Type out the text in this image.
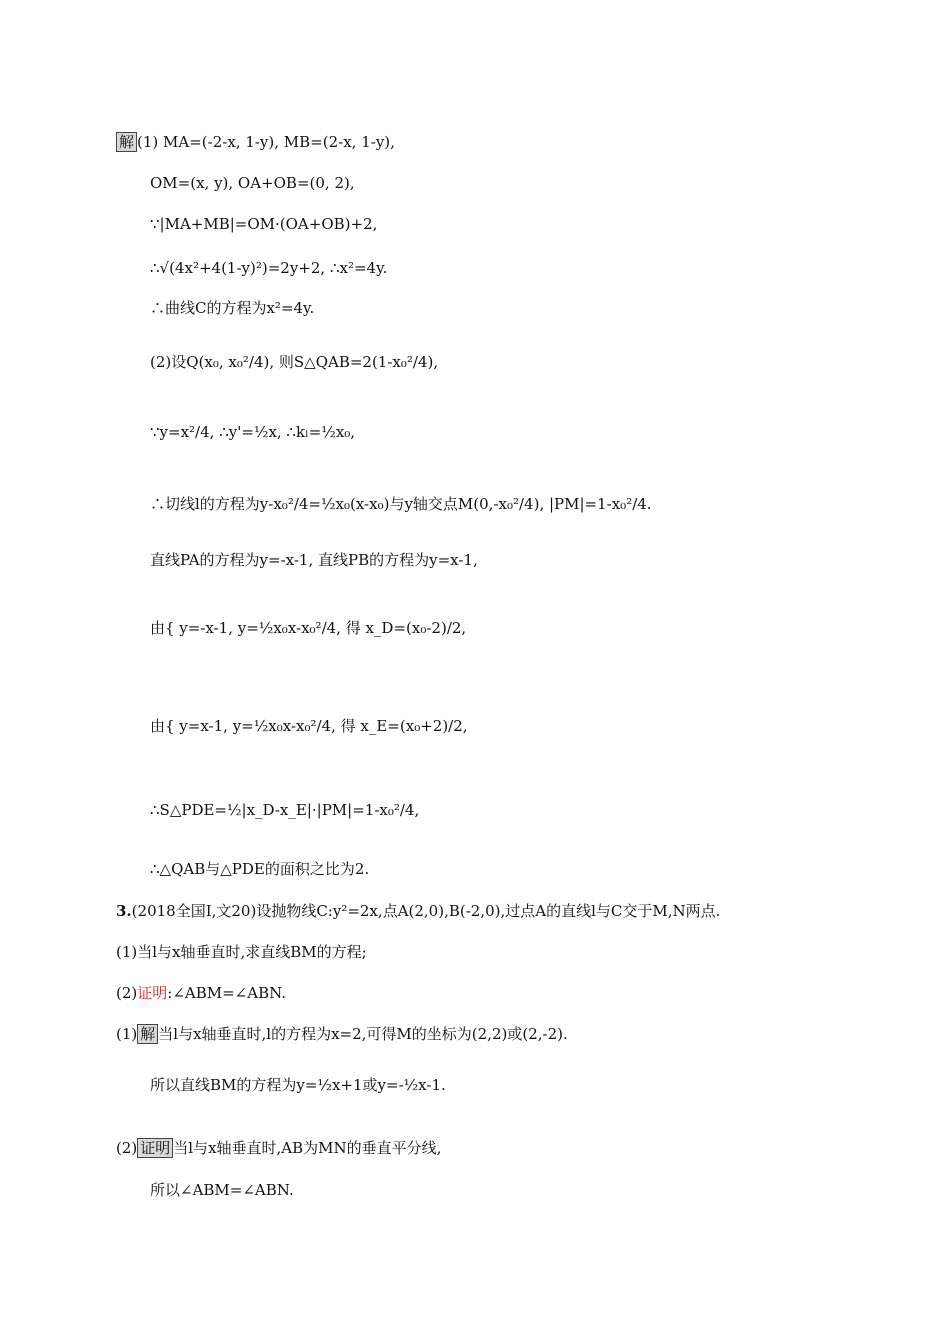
解 (1) MA=(-2-x, 1-y), MB=(2-x, 1-y),
OM=(x, y), OA+OB=(0, 2),
∵|MA+MB|=OM·(OA+OB)+2,
∴√(4x²+4(1-y)²)=2y+2, ∴x²=4y.
∴曲线C的方程为x²=4y.
(2)设Q(x₀, x₀²/4), 则S△QAB=2(1-x₀²/4),
∵y=x²/4, ∴y'=½x, ∴kₗ=½x₀,
∴切线l的方程为y-x₀²/4=½x₀(x-x₀)与y轴交点M(0,-x₀²/4), |PM|=1-x₀²/4.
直线PA的方程为y=-x-1, 直线PB的方程为y=x-1,
由{ y=-x-1, y=½x₀x-x₀²/4, 得 x_D=(x₀-2)/2,
由{ y=x-1, y=½x₀x-x₀²/4, 得 x_E=(x₀+2)/2,
∴S△PDE=½|x_D-x_E|·|PM|=1-x₀²/4,
∴△QAB与△PDE的面积之比为2.
3.(2018全国Ⅰ,文20)设抛物线C:y²=2x,点A(2,0),B(-2,0),过点A的直线l与C交于M,N两点.
(1)当l与x轴垂直时,求直线BM的方程;
(2)证明:∠ABM=∠ABN.
(1) 解 当l与x轴垂直时,l的方程为x=2,可得M的坐标为(2,2)或(2,-2).
所以直线BM的方程为y=½x+1或y=-½x-1.
(2) 证明 当l与x轴垂直时,AB为MN的垂直平分线,
所以∠ABM=∠ABN.
